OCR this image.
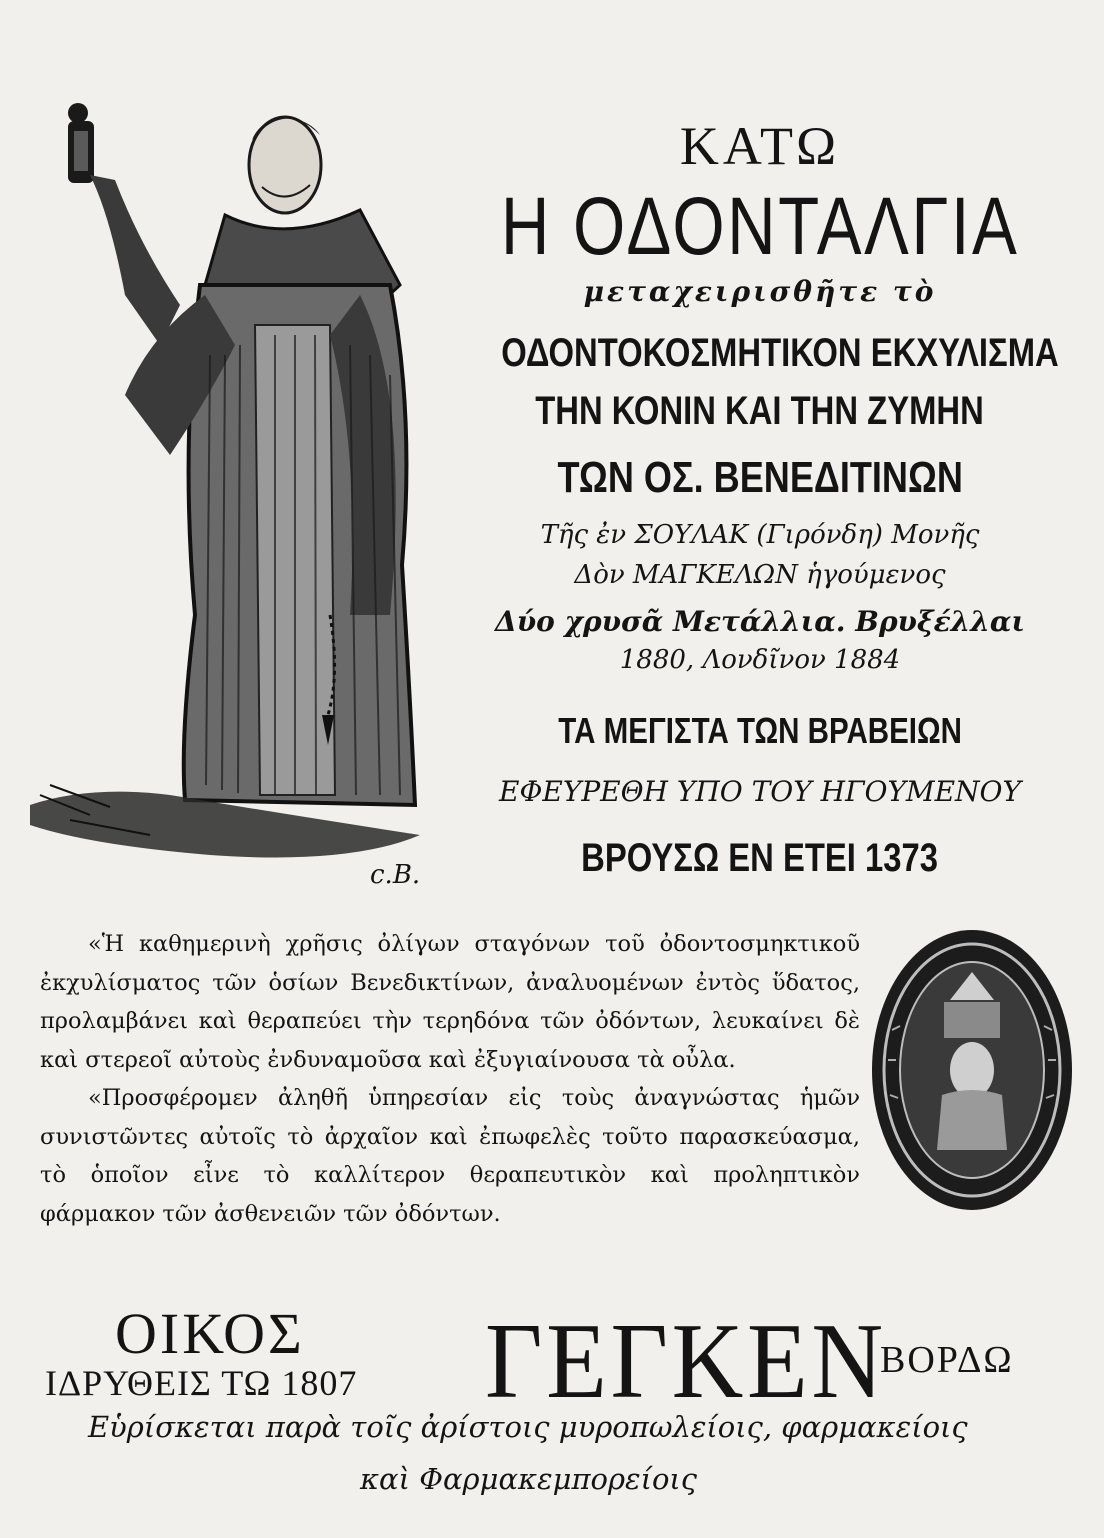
c.B.
ΚΑΤΩ
Η ΟΔΟΝΤΑΛΓΙΑ
μεταχειρισθῆτε τὸ
ΟΔΟΝΤΟΚΟΣΜΗΤΙΚΟΝ ΕΚΧΥΛΙΣΜΑ
ΤΗΝ ΚΟΝΙΝ ΚΑΙ ΤΗΝ ΖΥΜΗΝ
ΤΩΝ ΟΣ. ΒΕΝΕΔΙΤΙΝΩΝ
Τῆς ἐν ΣΟΥΛΑΚ (Γιρόνδη) Μονῆς
Δὸν ΜΑΓΚΕΛΩΝ ἡγούμενος
Δύο χρυσᾶ Μετάλλια. Βρυξέλλαι
1880, Λονδῖνον 1884
ΤΑ ΜΕΓΙΣΤΑ ΤΩΝ ΒΡΑΒΕΙΩΝ
ΕΦΕΥΡΕΘΗ ΥΠΟ ΤΟΥ ΗΓΟΥΜΕΝΟΥ
ΒΡΟΥΣΩ ΕΝ ΕΤΕΙ 1373

«Ἡ καθημερινὴ χρῆσις ὀλίγων σταγόνων τοῦ ὀδοντοσμηκτικοῦ ἐκχυλίσματος τῶν ὁσίων Βενεδικτίνων, ἀναλυομένων ἐντὸς ὕδατος, προλαμβάνει καὶ θεραπεύει τὴν τερηδόνα τῶν ὀδόντων, λευκαίνει δὲ καὶ στερεοῖ αὐτοὺς ἐνδυναμοῦσα καὶ ἐξυγιαίνουσα τὰ οὖλα.

«Προσφέρομεν ἀληθῆ ὑπηρεσίαν εἰς τοὺς ἀναγνώστας ἡμῶν συνιστῶντες αὐτοῖς τὸ ἀρχαῖον καὶ ἐπωφελὲς τοῦτο παρασκεύασμα, τὸ ὁποῖον εἶνε τὸ καλλίτερον θεραπευτικὸν καὶ προληπτικὸν φάρμακον τῶν ἀσθενειῶν τῶν ὀδόντων.

ΟΙΚΟΣ
ΙΔΡΥΘΕΙΣ ΤΩ 1807 ΓΕΓΚΕΝ
ΒΟΡΔΩ
Εὑρίσκεται παρὰ τοῖς ἀρίστοις μυροπωλείοις, φαρμακείοις
καὶ Φαρμακεμπορείοις
